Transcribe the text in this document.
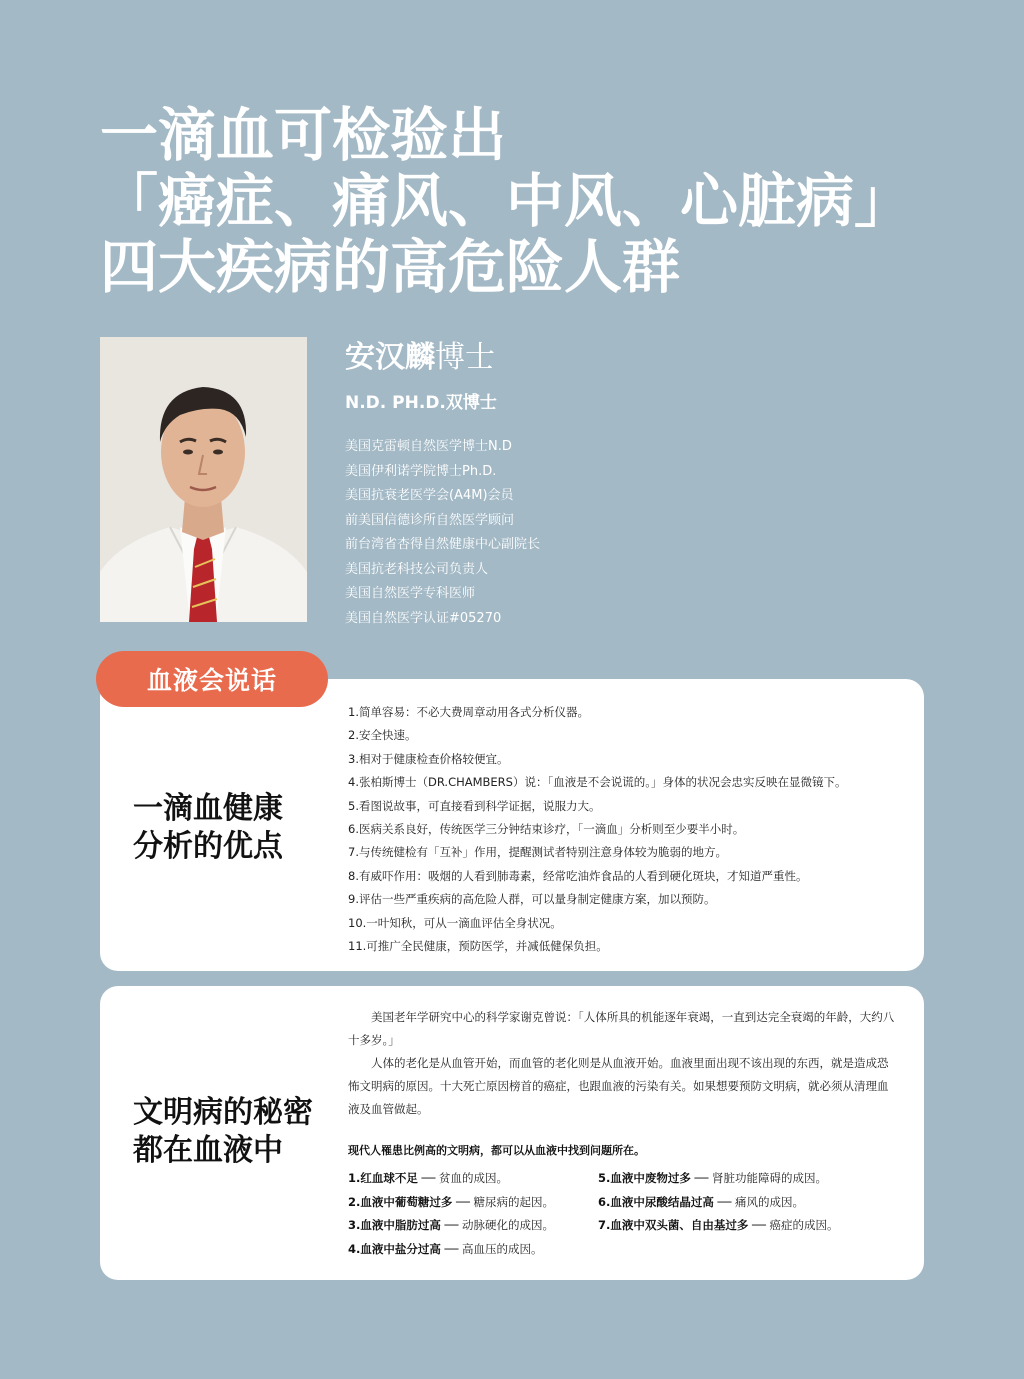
一滴血可检验出
「癌症、痛风、中风、心脏病」
四大疾病的高危险人群
安汉麟博士
N.D. PH.D.双博士
美国克雷顿自然医学博士N.D
美国伊利诺学院博士Ph.D.
美国抗衰老医学会(A4M)会员
前美国信德诊所自然医学顾问
前台湾省杏得自然健康中心副院长
美国抗老科技公司负责人
美国自然医学专科医师
美国自然医学认证#05270
血液会说话
一滴血健康
分析的优点
1.简单容易：不必大费周章动用各式分析仪器。
2.安全快速。
3.相对于健康检查价格较便宜。
4.张柏斯博士（DR.CHAMBERS）说：「血液是不会说谎的。」身体的状况会忠实反映在显微镜下。
5.看图说故事，可直接看到科学证据，说服力大。
6.医病关系良好，传统医学三分钟结束诊疗，「一滴血」分析则至少要半小时。
7.与传统健检有「互补」作用，提醒测试者特别注意身体较为脆弱的地方。
8.有威吓作用：吸烟的人看到肺毒素，经常吃油炸食品的人看到硬化斑块，才知道严重性。
9.评估一些严重疾病的高危险人群，可以量身制定健康方案，加以预防。
10.一叶知秋，可从一滴血评估全身状况。
11.可推广全民健康，预防医学，并减低健保负担。
文明病的秘密
都在血液中

美国老年学研究中心的科学家谢克曾说：「人体所具的机能逐年衰竭，一直到达完全衰竭的年龄，大约八十多岁。」

人体的老化是从血管开始，而血管的老化则是从血液开始。血液里面出现不该出现的东西，就是造成恐怖文明病的原因。十大死亡原因榜首的癌症，也跟血液的污染有关。如果想要预防文明病，就必须从清理血液及血管做起。

现代人罹患比例高的文明病，都可以从血液中找到问题所在。
1.红血球不足 ── 贫血的成因。
2.血液中葡萄糖过多 ── 糖尿病的起因。
3.血液中脂肪过高 ── 动脉硬化的成因。
4.血液中盐分过高 ── 高血压的成因。
5.血液中废物过多 ── 肾脏功能障碍的成因。
6.血液中尿酸结晶过高 ── 痛风的成因。
7.血液中双头菌、自由基过多 ── 癌症的成因。
